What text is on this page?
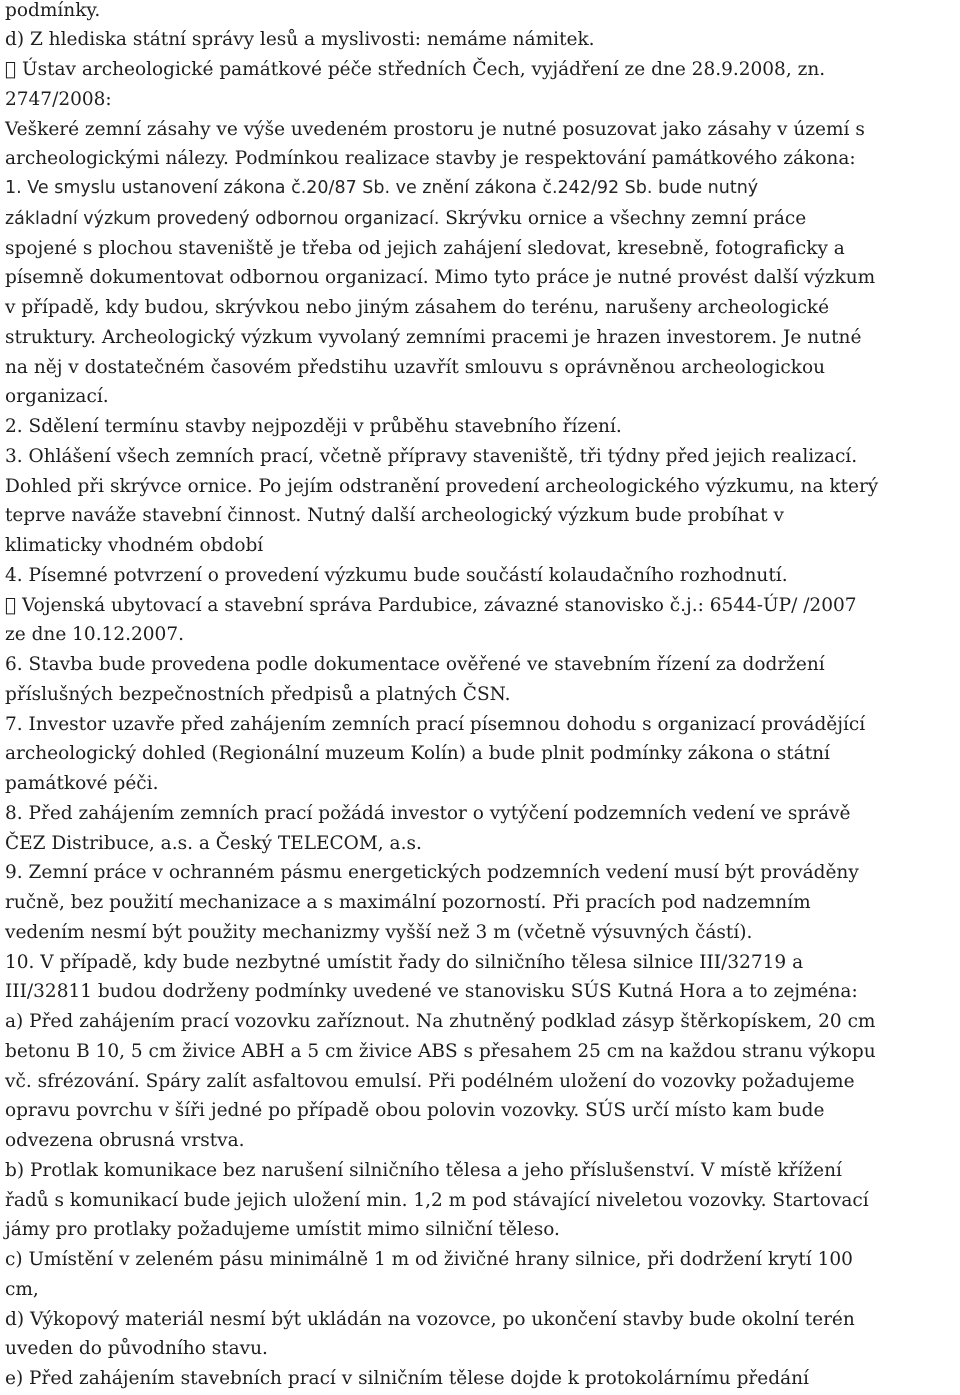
podmínky.
d) Z hlediska státní správy lesů a myslivosti: nemáme námitek.
Ústav archeologické památkové péče středních Čech, vyjádření ze dne 28.9.2008, zn.
2747/2008:
Veškeré zemní zásahy ve výše uvedeném prostoru je nutné posuzovat jako zásahy v území s
archeologickými nálezy. Podmínkou realizace stavby je respektování památkového zákona:
1. Ve smyslu ustanovení zákona č.20/87 Sb. ve znění zákona č.242/92 Sb. bude nutný
základní výzkum provedený odbornou organizací. Skrývku ornice a všechny zemní práce
spojené s plochou staveniště je třeba od jejich zahájení sledovat, kresebně, fotograficky a
písemně dokumentovat odbornou organizací. Mimo tyto práce je nutné provést další výzkum
v případě, kdy budou, skrývkou nebo jiným zásahem do terénu, narušeny archeologické
struktury. Archeologický výzkum vyvolaný zemními pracemi je hrazen investorem. Je nutné
na něj v dostatečném časovém předstihu uzavřít smlouvu s oprávněnou archeologickou
organizací.
2. Sdělení termínu stavby nejpozději v průběhu stavebního řízení.
3. Ohlášení všech zemních prací, včetně přípravy staveniště, tři týdny před jejich realizací.
Dohled při skrývce ornice. Po jejím odstranění provedení archeologického výzkumu, na který
teprve naváže stavební činnost. Nutný další archeologický výzkum bude probíhat v
klimaticky vhodném období
4. Písemné potvrzení o provedení výzkumu bude součástí kolaudačního rozhodnutí.
Vojenská ubytovací a stavební správa Pardubice, závazné stanovisko č.j.: 6544-ÚP/ /2007
ze dne 10.12.2007.
6. Stavba bude provedena podle dokumentace ověřené ve stavebním řízení za dodržení
příslušných bezpečnostních předpisů a platných ČSN.
7. Investor uzavře před zahájením zemních prací písemnou dohodu s organizací provádějící
archeologický dohled (Regionální muzeum Kolín) a bude plnit podmínky zákona o státní
památkové péči.
8. Před zahájením zemních prací požádá investor o vytýčení podzemních vedení ve správě
ČEZ Distribuce, a.s. a Český TELECOM, a.s.
9. Zemní práce v ochranném pásmu energetických podzemních vedení musí být prováděny
ručně, bez použití mechanizace a s maximální pozorností. Při pracích pod nadzemním
vedením nesmí být použity mechanizmy vyšší než 3 m (včetně výsuvných částí).
10. V případě, kdy bude nezbytné umístit řady do silničního tělesa silnice III/32719 a
III/32811 budou dodrženy podmínky uvedené ve stanovisku SÚS Kutná Hora a to zejména:
a) Před zahájením prací vozovku zaříznout. Na zhutněný podklad zásyp štěrkopískem, 20 cm
betonu B 10, 5 cm živice ABH a 5 cm živice ABS s přesahem 25 cm na každou stranu výkopu
vč. sfrézování. Spáry zalít asfaltovou emulsí. Při podélném uložení do vozovky požadujeme
opravu povrchu v šíři jedné po případě obou polovin vozovky. SÚS určí místo kam bude
odvezena obrusná vrstva.
b) Protlak komunikace bez narušení silničního tělesa a jeho příslušenství. V místě křížení
řadů s komunikací bude jejich uložení min. 1,2 m pod stávající niveletou vozovky. Startovací
jámy pro protlaky požadujeme umístit mimo silniční těleso.
c) Umístění v zeleném pásu minimálně 1 m od živičné hrany silnice, při dodržení krytí 100
cm,
d) Výkopový materiál nesmí být ukládán na vozovce, po ukončení stavby bude okolní terén
uveden do původního stavu.
e) Před zahájením stavebních prací v silničním tělese dojde k protokolárnímu předání
